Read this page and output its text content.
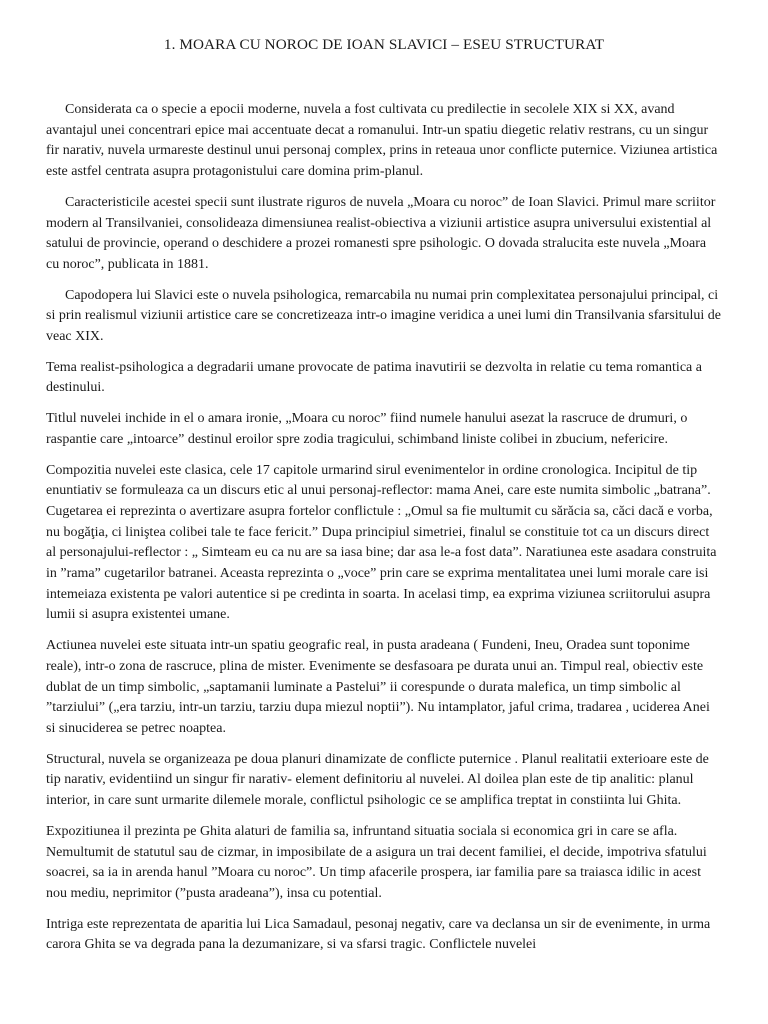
1. MOARA CU NOROC DE IOAN SLAVICI – ESEU STRUCTURAT

Considerata ca o specie a epocii moderne, nuvela a fost cultivata cu predilectie in secolele XIX si XX, avand avantajul unei concentrari epice mai accentuate decat a romanului. Intr-un spatiu diegetic relativ restrans, cu un singur fir narativ, nuvela urmareste destinul unui personaj complex, prins in reteaua unor conflicte puternice. Viziunea artistica este astfel centrata asupra protagonistului care domina prim-planul.

Caracteristicile acestei specii sunt ilustrate riguros de nuvela „Moara cu noroc” de Ioan Slavici. Primul mare scriitor modern al Transilvaniei, consolideaza dimensiunea realist-obiectiva a viziunii artistice asupra universului existential al satului de provincie, operand o deschidere a prozei romanesti spre psihologic. O dovada stralucita este nuvela „Moara cu noroc”, publicata in 1881.

Capodopera lui Slavici este o nuvela psihologica, remarcabila nu numai prin complexitatea personajului principal, ci si prin realismul viziunii artistice care se concretizeaza intr-o imagine veridica a unei lumi din Transilvania sfarsitului de veac XIX.

Tema realist-psihologica a degradarii umane provocate de patima inavutirii se dezvolta in relatie cu tema romantica a destinului.

Titlul nuvelei inchide in el o amara ironie, „Moara cu noroc” fiind numele hanului asezat la rascruce de drumuri, o raspantie care „intoarce” destinul eroilor spre zodia tragicului, schimband liniste colibei in zbucium, nefericire.

Compozitia nuvelei este clasica, cele 17 capitole urmarind sirul evenimentelor in ordine cronologica. Incipitul de tip enuntiativ se formuleaza ca un discurs etic al unui personaj-reflector: mama Anei, care este numita simbolic „batrana”. Cugetarea ei reprezinta o avertizare asupra fortelor conflictule : „Omul sa fie multumit cu sărăcia sa, căci dacă e vorba, nu bogăţia, ci liniştea colibei tale te face fericit.” Dupa principiul simetriei, finalul se constituie tot ca un discurs direct al personajului-reflector : „ Simteam eu ca nu are sa iasa bine; dar asa le-a fost data”. Naratiunea este asadara construita in ”rama” cugetarilor batranei. Aceasta reprezinta o „voce” prin care se exprima mentalitatea unei lumi morale care isi intemeiaza existenta pe valori autentice si pe credinta in soarta. In acelasi timp, ea exprima viziunea scriitorului asupra lumii si asupra existentei umane.

Actiunea nuvelei este situata intr-un spatiu geografic real, in pusta aradeana ( Fundeni, Ineu, Oradea sunt toponime reale), intr-o zona de rascruce, plina de mister. Evenimente se desfasoara pe durata unui an. Timpul real, obiectiv este dublat de un timp simbolic, „saptamanii luminate a Pastelui” ii corespunde o durata malefica, un timp simbolic al ”tarziului” („era tarziu, intr-un tarziu, tarziu dupa miezul noptii”). Nu intamplator, jaful crima, tradarea , uciderea Anei si sinuciderea se petrec noaptea.

Structural, nuvela se organizeaza pe doua planuri dinamizate de conflicte puternice . Planul realitatii exterioare este de tip narativ, evidentiind un singur fir narativ- element definitoriu al nuvelei. Al doilea plan este de tip analitic: planul interior, in care sunt urmarite dilemele morale, conflictul psihologic ce se amplifica treptat in constiinta lui Ghita.

Expozitiunea il prezinta pe Ghita alaturi de familia sa, infruntand situatia sociala si economica gri in care se afla. Nemultumit de statutul sau de cizmar, in imposibilate de a asigura un trai decent familiei, el decide, impotriva sfatului soacrei, sa ia in arenda hanul ”Moara cu noroc”. Un timp afacerile prospera, iar familia pare sa traiasca idilic in acest nou mediu, neprimitor (”pusta aradeana”), insa cu potential.

Intriga este reprezentata de aparitia lui Lica Samadaul, pesonaj negativ, care va declansa un sir de evenimente, in urma carora Ghita se va degrada pana la dezumanizare, si va sfarsi tragic. Conflictele nuvelei
